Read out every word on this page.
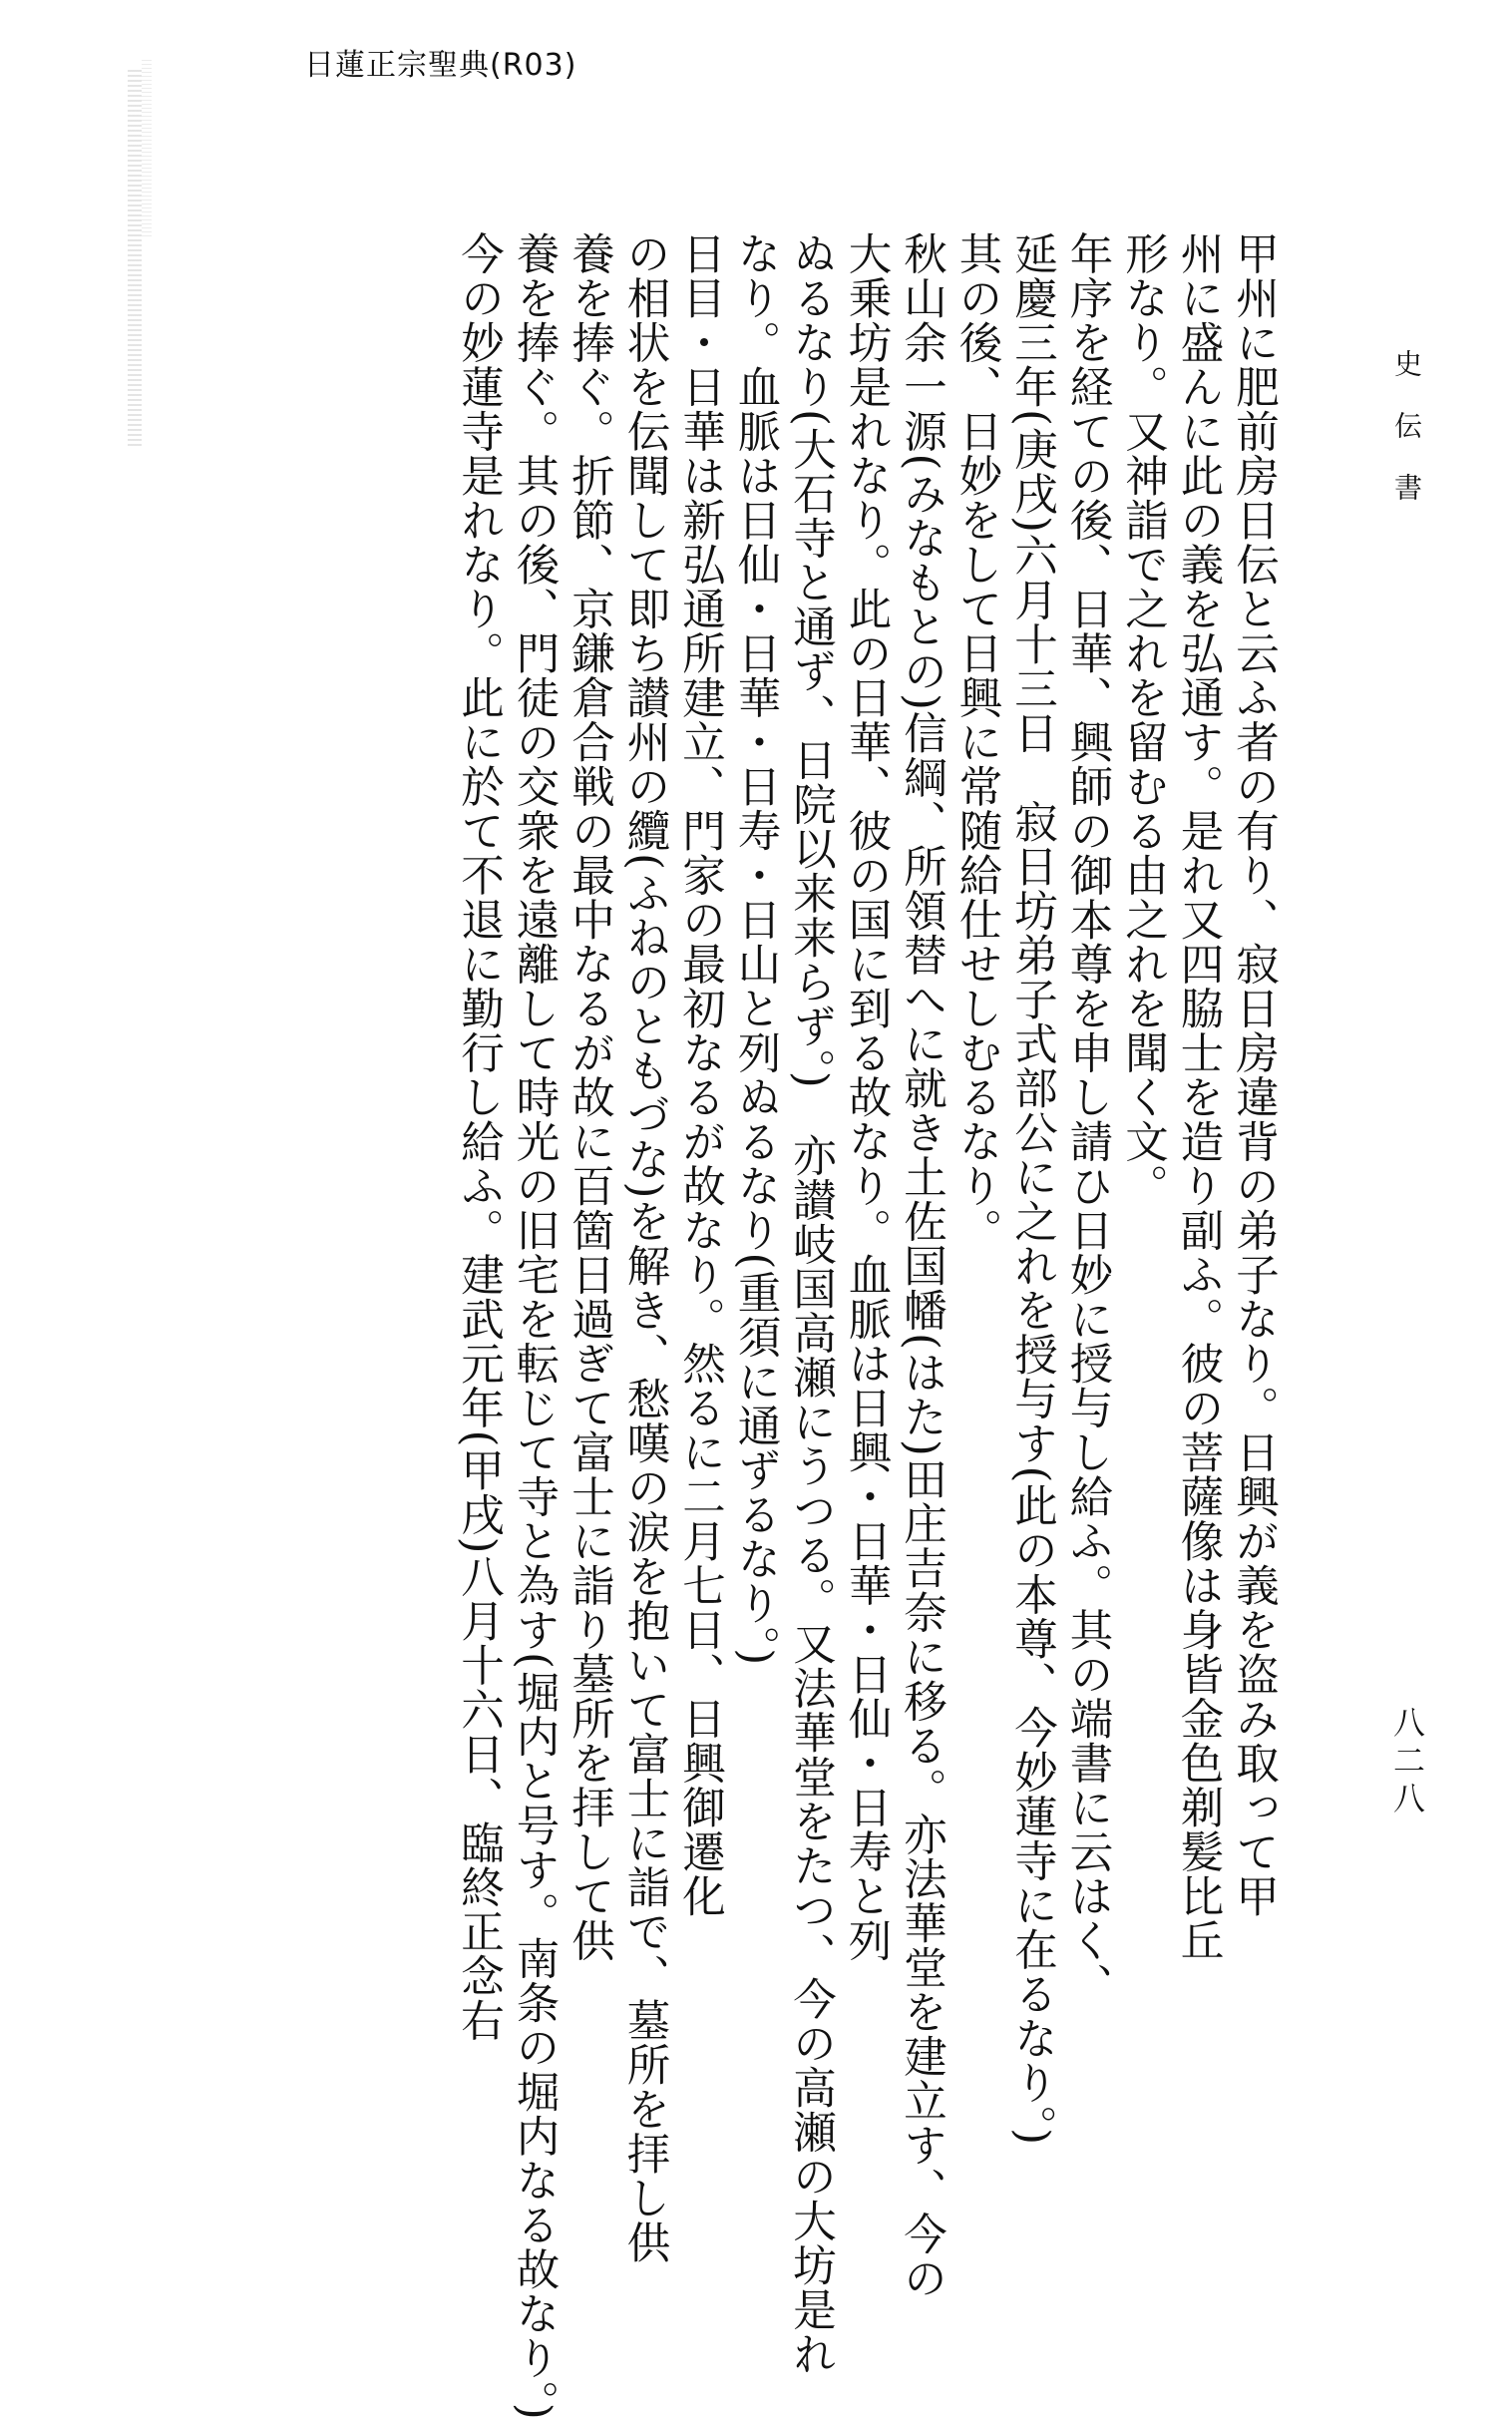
日蓮正宗聖典(R03)
史伝書
八二八
甲州に肥前房日伝と云ふ者の有り、寂日房違背の弟子なり。日興が義を盗み取って甲
州に盛んに此の義を弘通す。是れ又四脇士を造り副ふ。彼の菩薩像は身皆金色剃髪比丘
形なり。又神詣で之れを留むる由之れを聞く文。
年序を経ての後、日華、興師の御本尊を申し請ひ日妙に授与し給ふ。其の端書に云はく、
延慶三年(庚戌)六月十三日　寂日坊弟子式部公に之れを授与す(此の本尊、今妙蓮寺に在るなり。)
其の後、日妙をして日興に常随給仕せしむるなり。
秋山余一源(みなもとの)信綱、所領替へに就き土佐国幡(はた)田庄吉奈に移る。亦法華堂を建立す、今の
大乗坊是れなり。此の日華、彼の国に到る故なり。血脈は日興・日華・日仙・日寿と列
ぬるなり(大石寺と通ず、日院以来来らず。)　亦讃岐国高瀬にうつる。又法華堂をたつ、今の高瀬の大坊是れ
なり。血脈は日仙・日華・日寿・日山と列ぬるなり(重須に通ずるなり。)
日目・日華は新弘通所建立、門家の最初なるが故なり。然るに二月七日、日興御遷化
の相状を伝聞して即ち讃州の纜(ふねのともづな)を解き、愁嘆の涙を抱いて富士に詣で、墓所を拝し供
養を捧ぐ。折節、京鎌倉合戦の最中なるが故に百箇日過ぎて富士に詣り墓所を拝して供
養を捧ぐ。其の後、門徒の交衆を遠離して時光の旧宅を転じて寺と為す(堀内と号す。南条の堀内なる故なり。)
今の妙蓮寺是れなり。此に於て不退に勤行し給ふ。建武元年(甲戌)八月十六日、臨終正念右
